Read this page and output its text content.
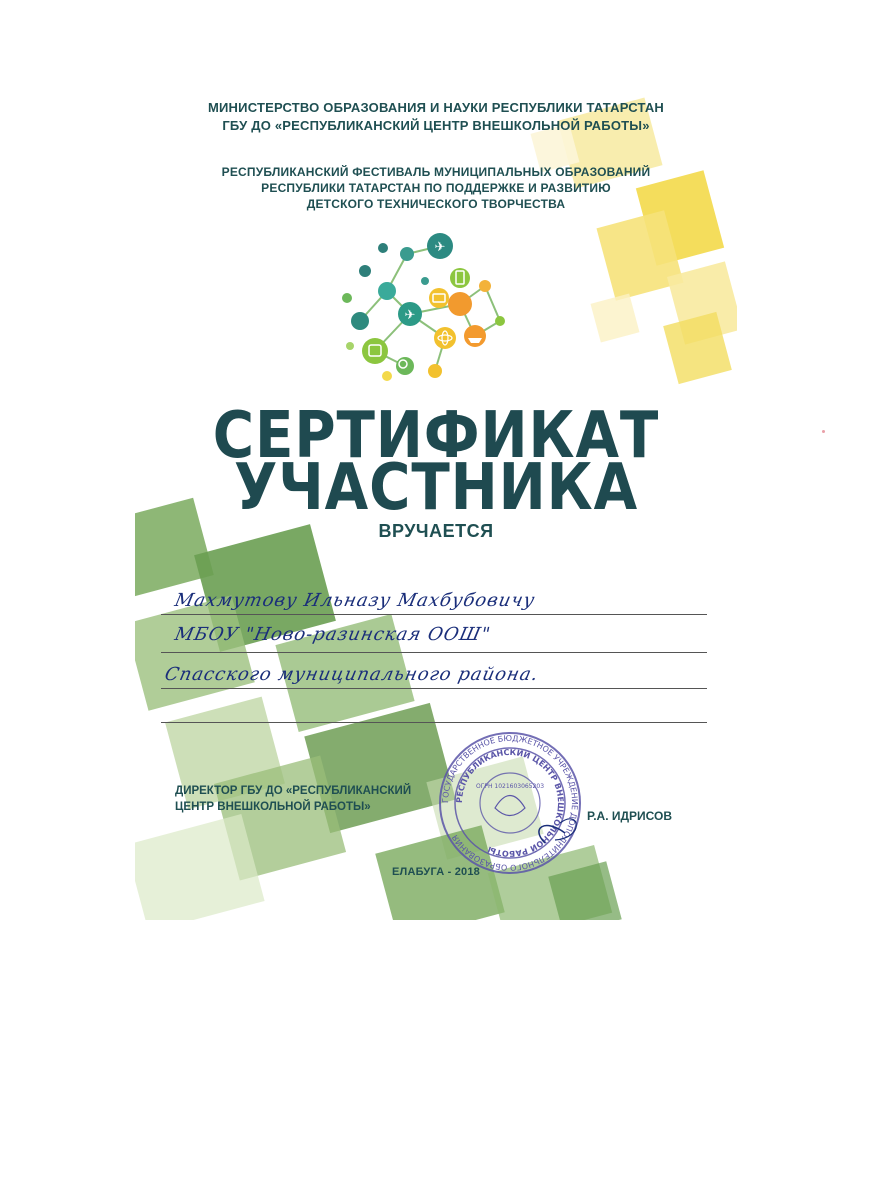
МИНИСТЕРСТВО ОБРАЗОВАНИЯ И НАУКИ РЕСПУБЛИКИ ТАТАРСТАН
ГБУ ДО «РЕСПУБЛИКАНСКИЙ ЦЕНТР ВНЕШКОЛЬНОЙ РАБОТЫ»
РЕСПУБЛИКАНСКИЙ ФЕСТИВАЛЬ МУНИЦИПАЛЬНЫХ ОБРАЗОВАНИЙ
РЕСПУБЛИКИ ТАТАРСТАН ПО ПОДДЕРЖКЕ И РАЗВИТИЮ
ДЕТСКОГО ТЕХНИЧЕСКОГО ТВОРЧЕСТВА
✈
✈
СЕРТИФИКАТ
УЧАСТНИКА
ВРУЧАЕТСЯ
Махмутову Ильназу Махбубовичу
МБОУ "Ново-разинская ООШ"
Спасского муниципального района.
ДИРЕКТОР ГБУ ДО «РЕСПУБЛИКАНСКИЙ
ЦЕНТР ВНЕШКОЛЬНОЙ РАБОТЫ»
Р.А. ИДРИСОВ
ГОСУДАРСТВЕННОЕ БЮДЖЕТНОЕ УЧРЕЖДЕНИЕ ДОПОЛНИТЕЛЬНОГО ОБРАЗОВАНИЯ
РЕСПУБЛИКАНСКИЙ ЦЕНТР ВНЕШКОЛЬНОЙ РАБОТЫ
ОГРН 1021603065203
ЕЛАБУГА - 2018
